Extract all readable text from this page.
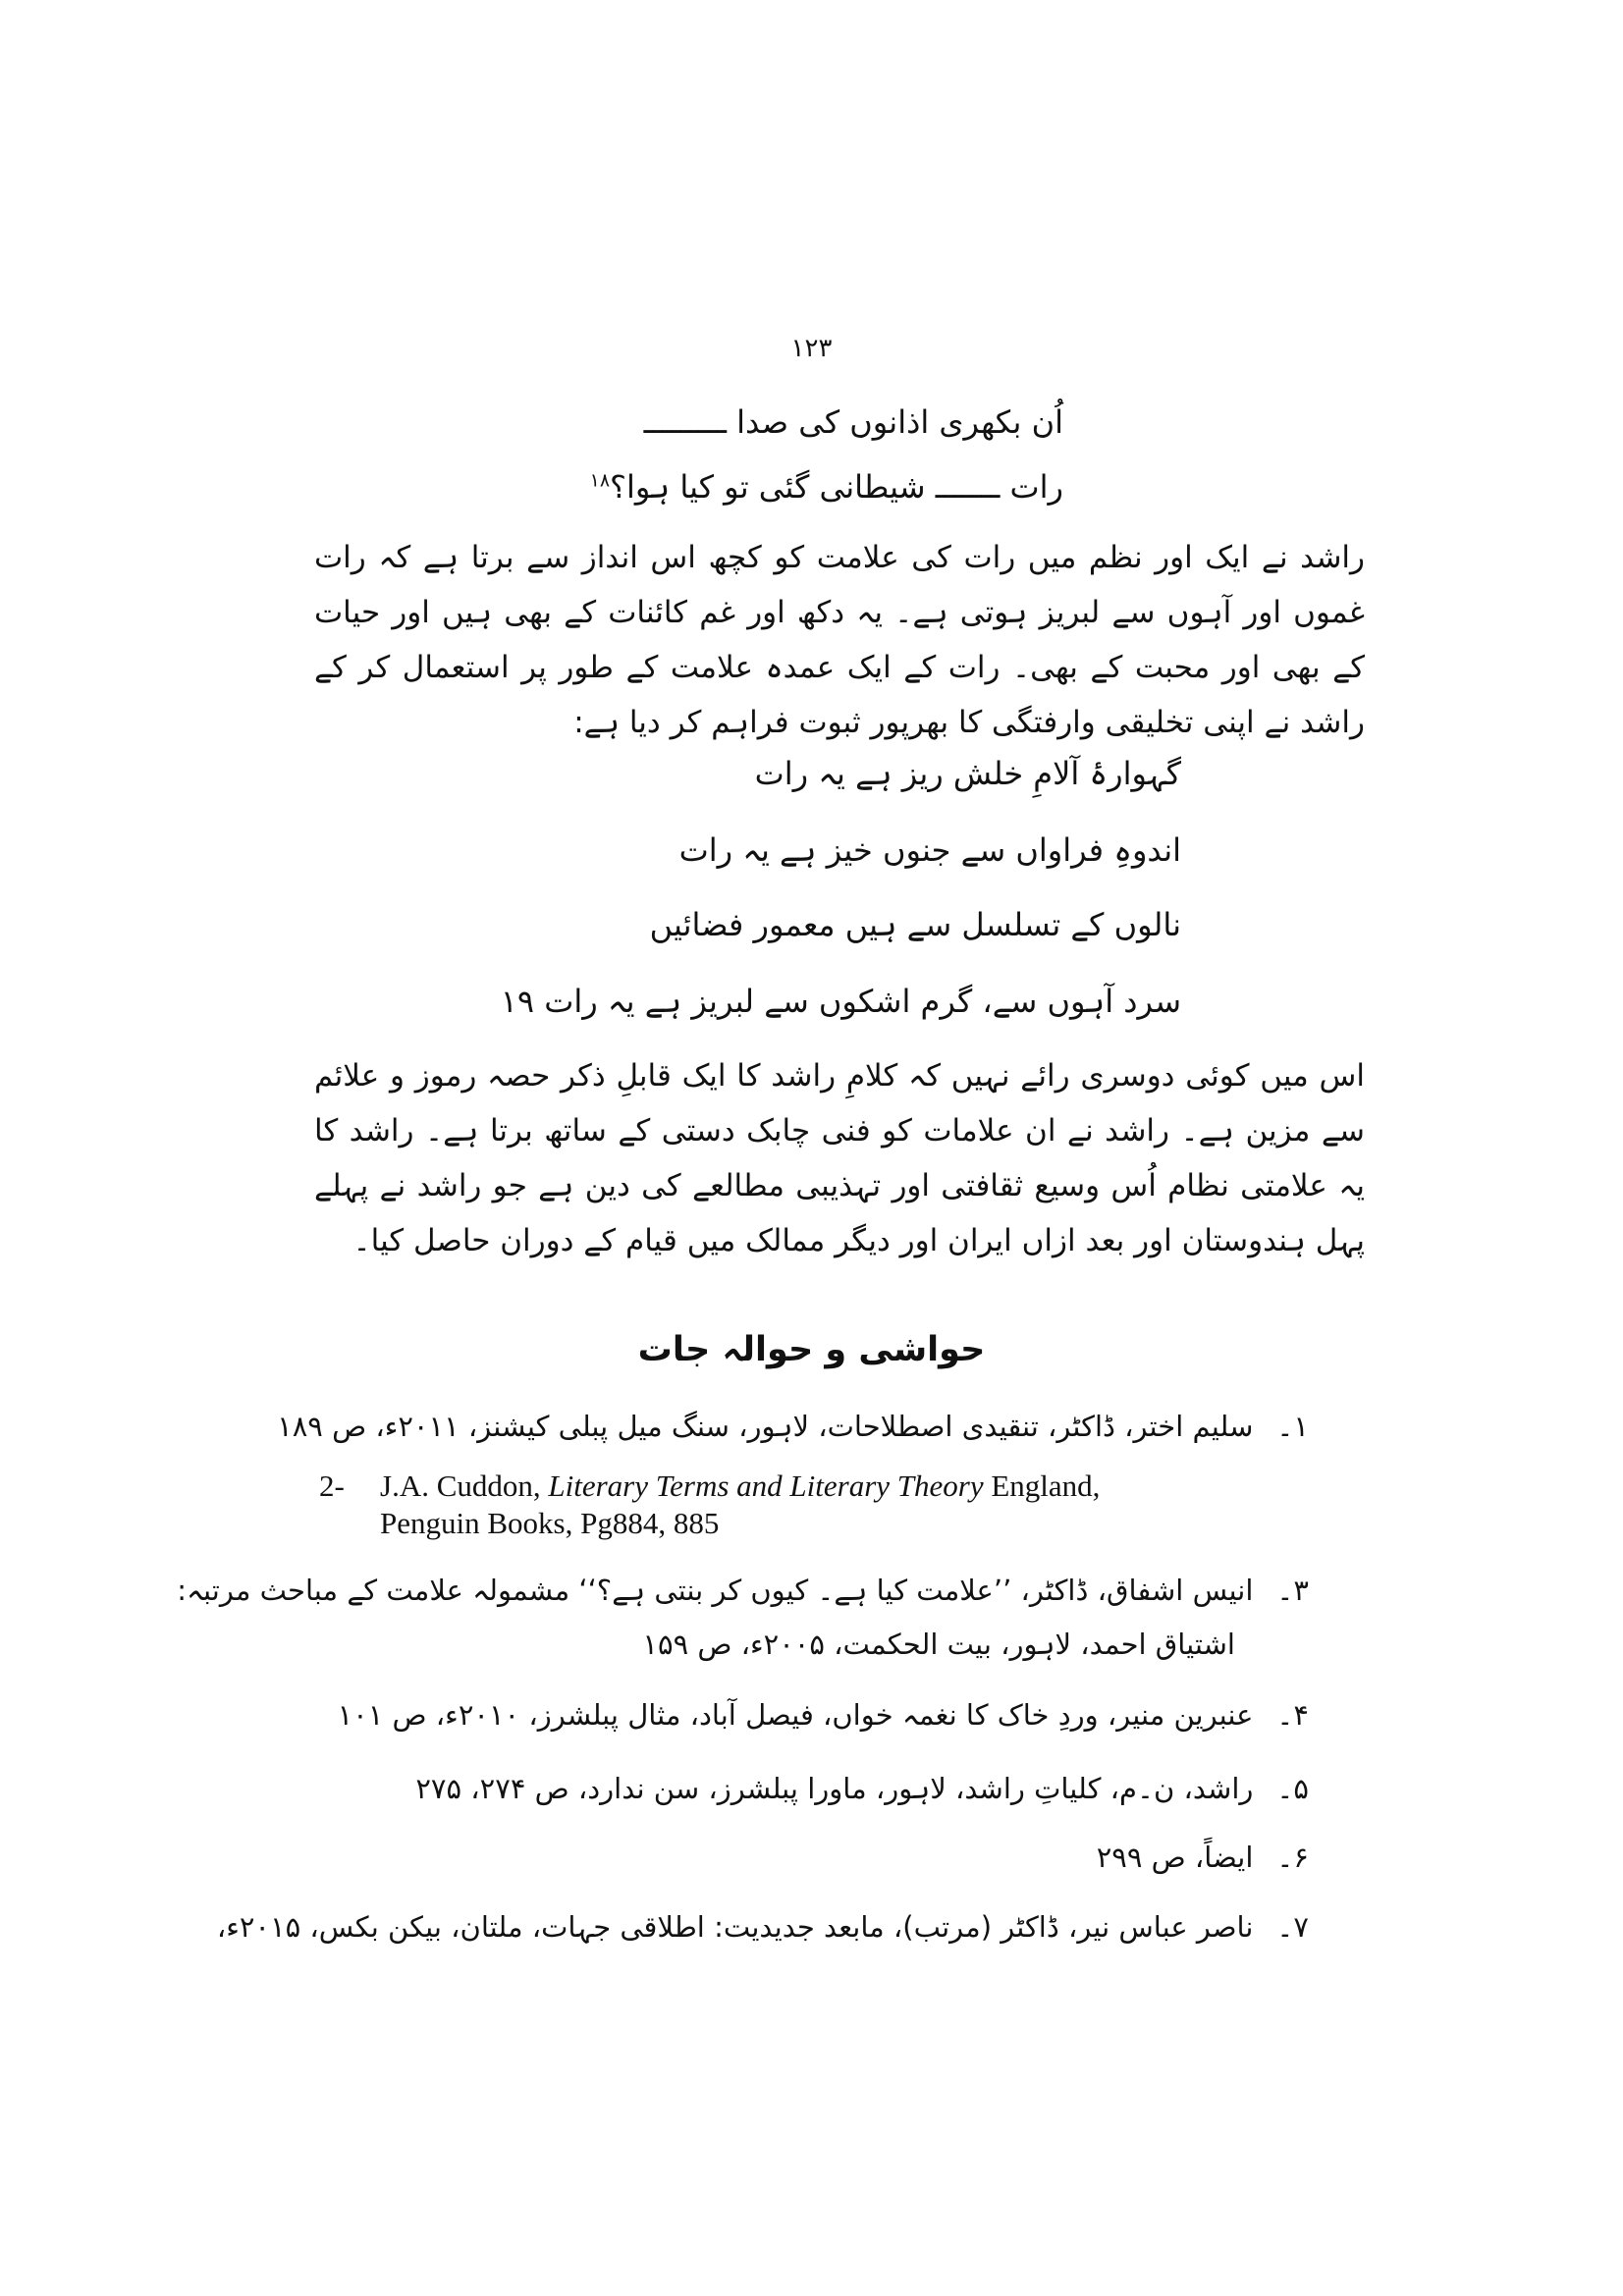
۱۲۳
اُن بکھری اذانوں کی صدا ـــــــــ
رات ـــــــ شیطانی گئی تو کیا ہوا؟$^{۱۸}$
راشد نے ایک اور نظم میں رات کی علامت کو کچھ اس انداز سے برتا ہے کہ رات غموں اور آہوں سے لبریز ہوتی ہے۔ یہ دکھ اور غم کائنات کے بھی ہیں اور حیات کے بھی اور محبت کے بھی۔ رات کے ایک عمدہ علامت کے طور پر استعمال کر کے راشد نے اپنی تخلیقی وارفتگی کا بھرپور ثبوت فراہم کر دیا ہے:
گہوارۂ آلامِ خلش ریز ہے یہ رات
اندوہِ فراواں سے جنوں خیز ہے یہ رات
نالوں کے تسلسل سے ہیں معمور فضائیں
سرد آہوں سے، گرم اشکوں سے لبریز ہے یہ رات ۱۹
اس میں کوئی دوسری رائے نہیں کہ کلامِ راشد کا ایک قابلِ ذکر حصہ رموز و علائم سے مزین ہے۔ راشد نے ان علامات کو فنی چابک دستی کے ساتھ برتا ہے۔ راشد کا یہ علامتی نظام اُس وسیع ثقافتی اور تہذیبی مطالعے کی دین ہے جو راشد نے پہلے پہل ہندوستان اور بعد ازاں ایران اور دیگر ممالک میں قیام کے دوران حاصل کیا۔
حواشی و حوالہ جات
۱۔سلیم اختر، ڈاکٹر، تنقیدی اصطلاحات، لاہور، سنگ میل پبلی کیشنز، ۲۰۱۱ء، ص ۱۸۹
2- J.A. Cuddon, Literary Terms and Literary Theory England,
Penguin Books, Pg884, 885
۳۔انیس اشفاق، ڈاکٹر، ’’علامت کیا ہے۔ کیوں کر بنتی ہے؟‘‘ مشمولہ علامت کے مباحث مرتبہ:
اشتیاق احمد، لاہور، بیت الحکمت، ۲۰۰۵ء، ص ۱۵۹
۴۔عنبرین منیر، وردِ خاک کا نغمہ خواں، فیصل آباد، مثال پبلشرز، ۲۰۱۰ء، ص ۱۰۱
۵۔راشد، ن۔م، کلیاتِ راشد، لاہور، ماورا پبلشرز، سن ندارد، ص ۲۷۴، ۲۷۵
۶۔ایضاً، ص ۲۹۹
۷۔ناصر عباس نیر، ڈاکٹر (مرتب)، مابعد جدیدیت: اطلاقی جہات، ملتان، بیکن بکس، ۲۰۱۵ء،
